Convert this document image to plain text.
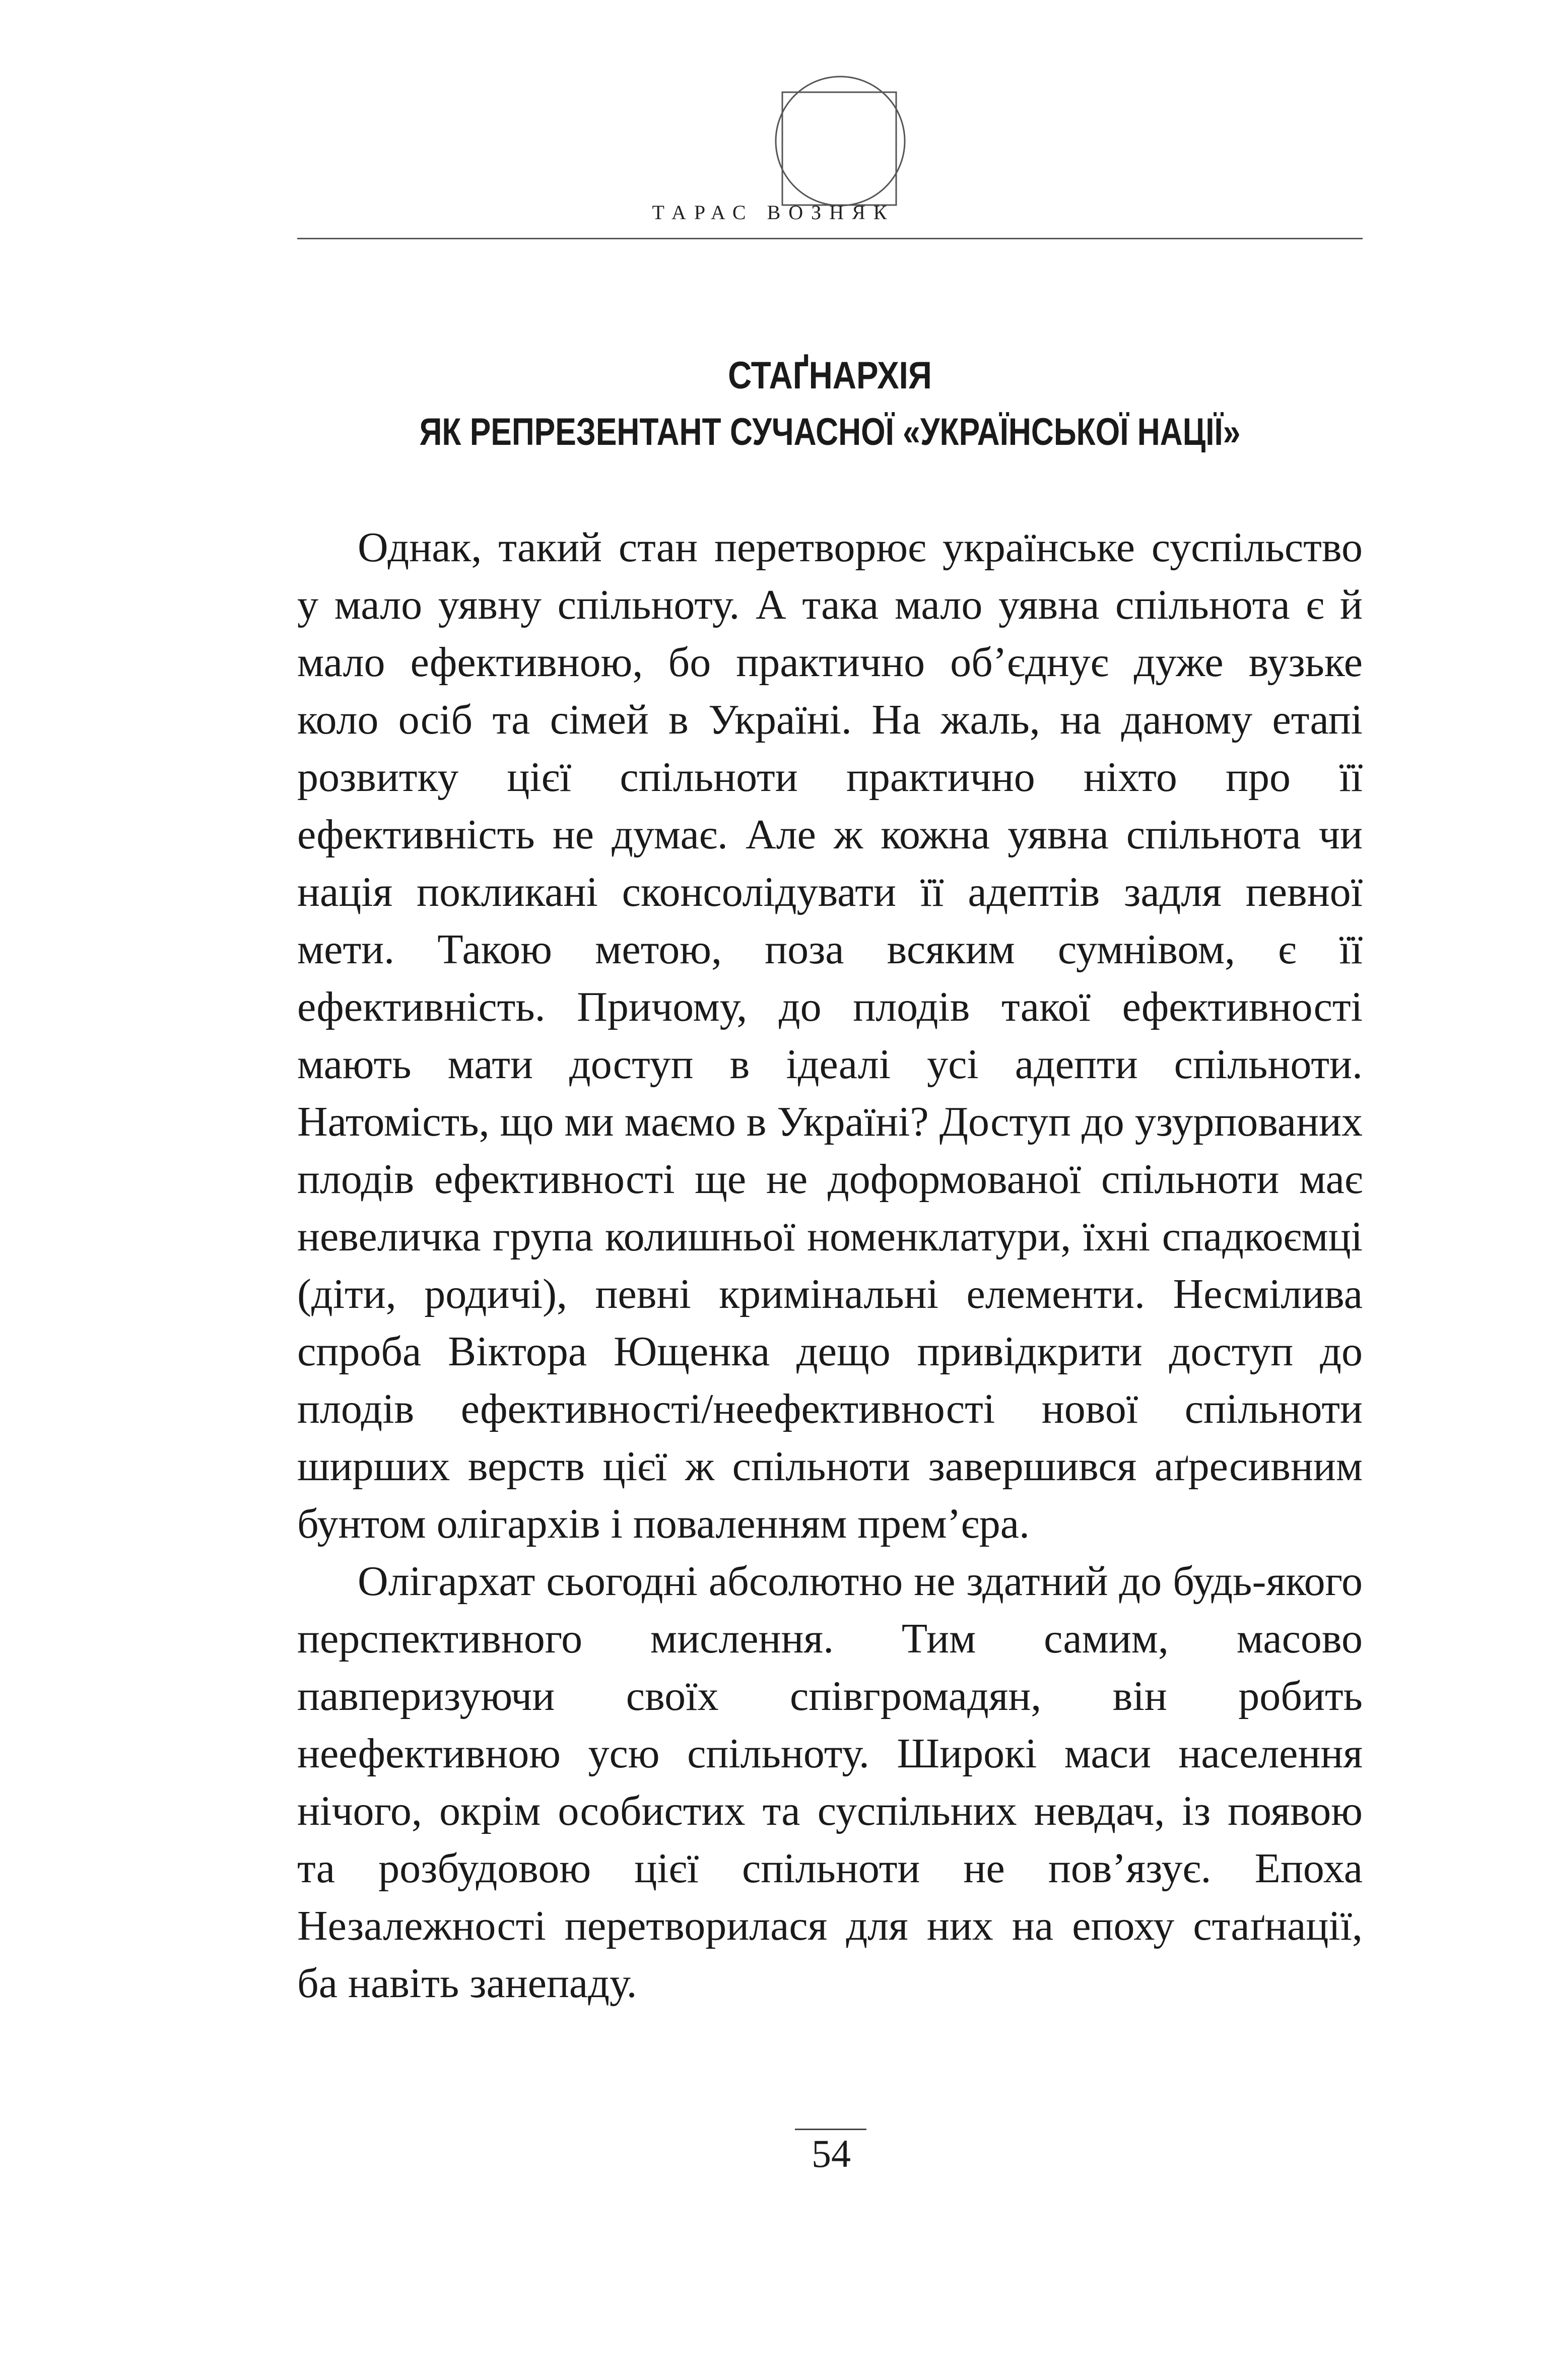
ТАРАС ВОЗНЯК
СТАҐНАРХІЯ
ЯК РЕПРЕЗЕНТАНТ СУЧАСНОЇ «УКРАЇНСЬКОЇ НАЦІЇ»

Однак, такий стан перетворює українське суспільство у мало уявну спільноту. А така мало уявна спільнота є й мало ефективною, бо практично об’єднує дуже вузьке коло осіб та сімей в Україні. На жаль, на даному етапі розвитку цієї спільноти практично ніхто про її ефективність не думає. Але ж кожна уявна спільнота чи нація покликані сконсолідувати її адептів задля певної мети. Такою метою, поза всяким сумнівом, є її ефективність. Причому, до плодів такої ефективності мають мати доступ в ідеалі усі адепти спільноти. Натомість, що ми маємо в Україні? Доступ до узурпованих плодів ефективності ще не доформованої спільноти має невеличка група колишньої номенклатури, їхні спадкоємці (діти, родичі), певні кримінальні елементи. Несмілива спроба Віктора Ющенка дещо привідкрити доступ до плодів ефективності/неефективності нової спільноти ширших верств цієї ж спільноти завершився аґресивним бунтом олігархів і поваленням прем’єра.

Олігархат сьогодні абсолютно не здатний до будь-якого перспективного мислення. Тим самим, масово павперизуючи своїх співгромадян, він робить неефективною усю спільноту. Широкі маси населення нічого, окрім особистих та суспільних невдач, із появою та розбудовою цієї спільноти не пов’язує. Епоха Незалежності перетворилася для них на епоху стаґнації, ба навіть занепаду.

54
